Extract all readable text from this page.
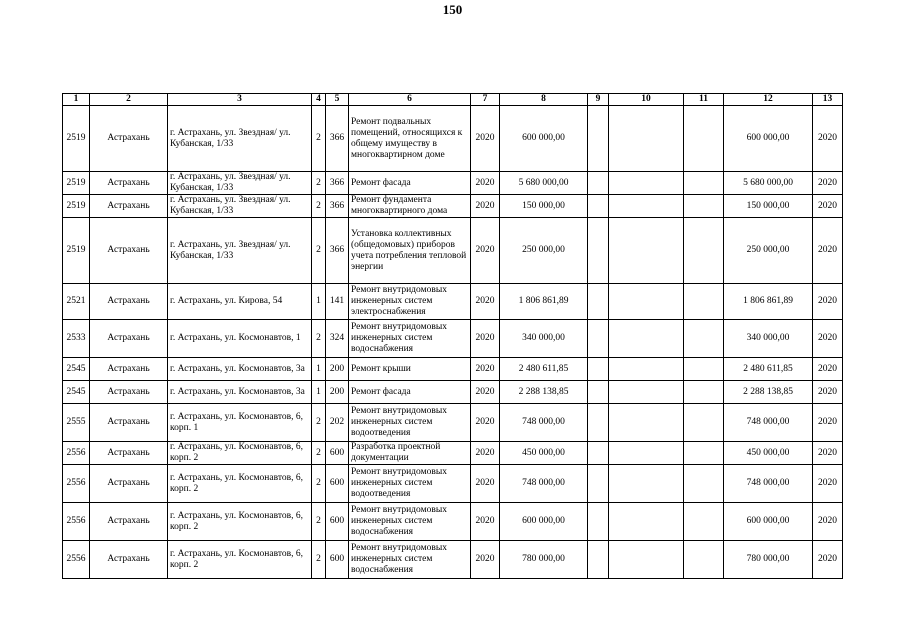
150
1	2	3	4	5	6	7	8	9	10	11	12	13
2519	Астрахань	г. Астрахань, ул. Звездная/ ул. Кубанская, 1/33	2	366	Ремонт подвальных помещений, относящихся к общему имуществу в многоквартирном доме	2020	600 000,00				600 000,00	2020
2519	Астрахань	г. Астрахань, ул. Звездная/ ул. Кубанская, 1/33	2	366	Ремонт фасада	2020	5 680 000,00				5 680 000,00	2020
2519	Астрахань	г. Астрахань, ул. Звездная/ ул. Кубанская, 1/33	2	366	Ремонт фундамента многоквартирного дома	2020	150 000,00				150 000,00	2020
2519	Астрахань	г. Астрахань, ул. Звездная/ ул. Кубанская, 1/33	2	366	Установка коллективных (общедомовых) приборов учета потребления тепловой энергии	2020	250 000,00				250 000,00	2020
2521	Астрахань	г. Астрахань, ул. Кирова, 54	1	141	Ремонт внутридомовых инженерных систем электроснабжения	2020	1 806 861,89				1 806 861,89	2020
2533	Астрахань	г. Астрахань, ул. Космонавтов, 1	2	324	Ремонт внутридомовых инженерных систем водоснабжения	2020	340 000,00				340 000,00	2020
2545	Астрахань	г. Астрахань, ул. Космонавтов, 3а	1	200	Ремонт крыши	2020	2 480 611,85				2 480 611,85	2020
2545	Астрахань	г. Астрахань, ул. Космонавтов, 3а	1	200	Ремонт фасада	2020	2 288 138,85				2 288 138,85	2020
2555	Астрахань	г. Астрахань, ул. Космонавтов, 6, корп. 1	2	202	Ремонт внутридомовых инженерных систем водоотведения	2020	748 000,00				748 000,00	2020
2556	Астрахань	г. Астрахань, ул. Космонавтов, 6, корп. 2	2	600	Разработка проектной документации	2020	450 000,00				450 000,00	2020
2556	Астрахань	г. Астрахань, ул. Космонавтов, 6, корп. 2	2	600	Ремонт внутридомовых инженерных систем водоотведения	2020	748 000,00				748 000,00	2020
2556	Астрахань	г. Астрахань, ул. Космонавтов, 6, корп. 2	2	600	Ремонт внутридомовых инженерных систем водоснабжения	2020	600 000,00				600 000,00	2020
2556	Астрахань	г. Астрахань, ул. Космонавтов, 6, корп. 2	2	600	Ремонт внутридомовых инженерных систем водоснабжения	2020	780 000,00				780 000,00	2020
